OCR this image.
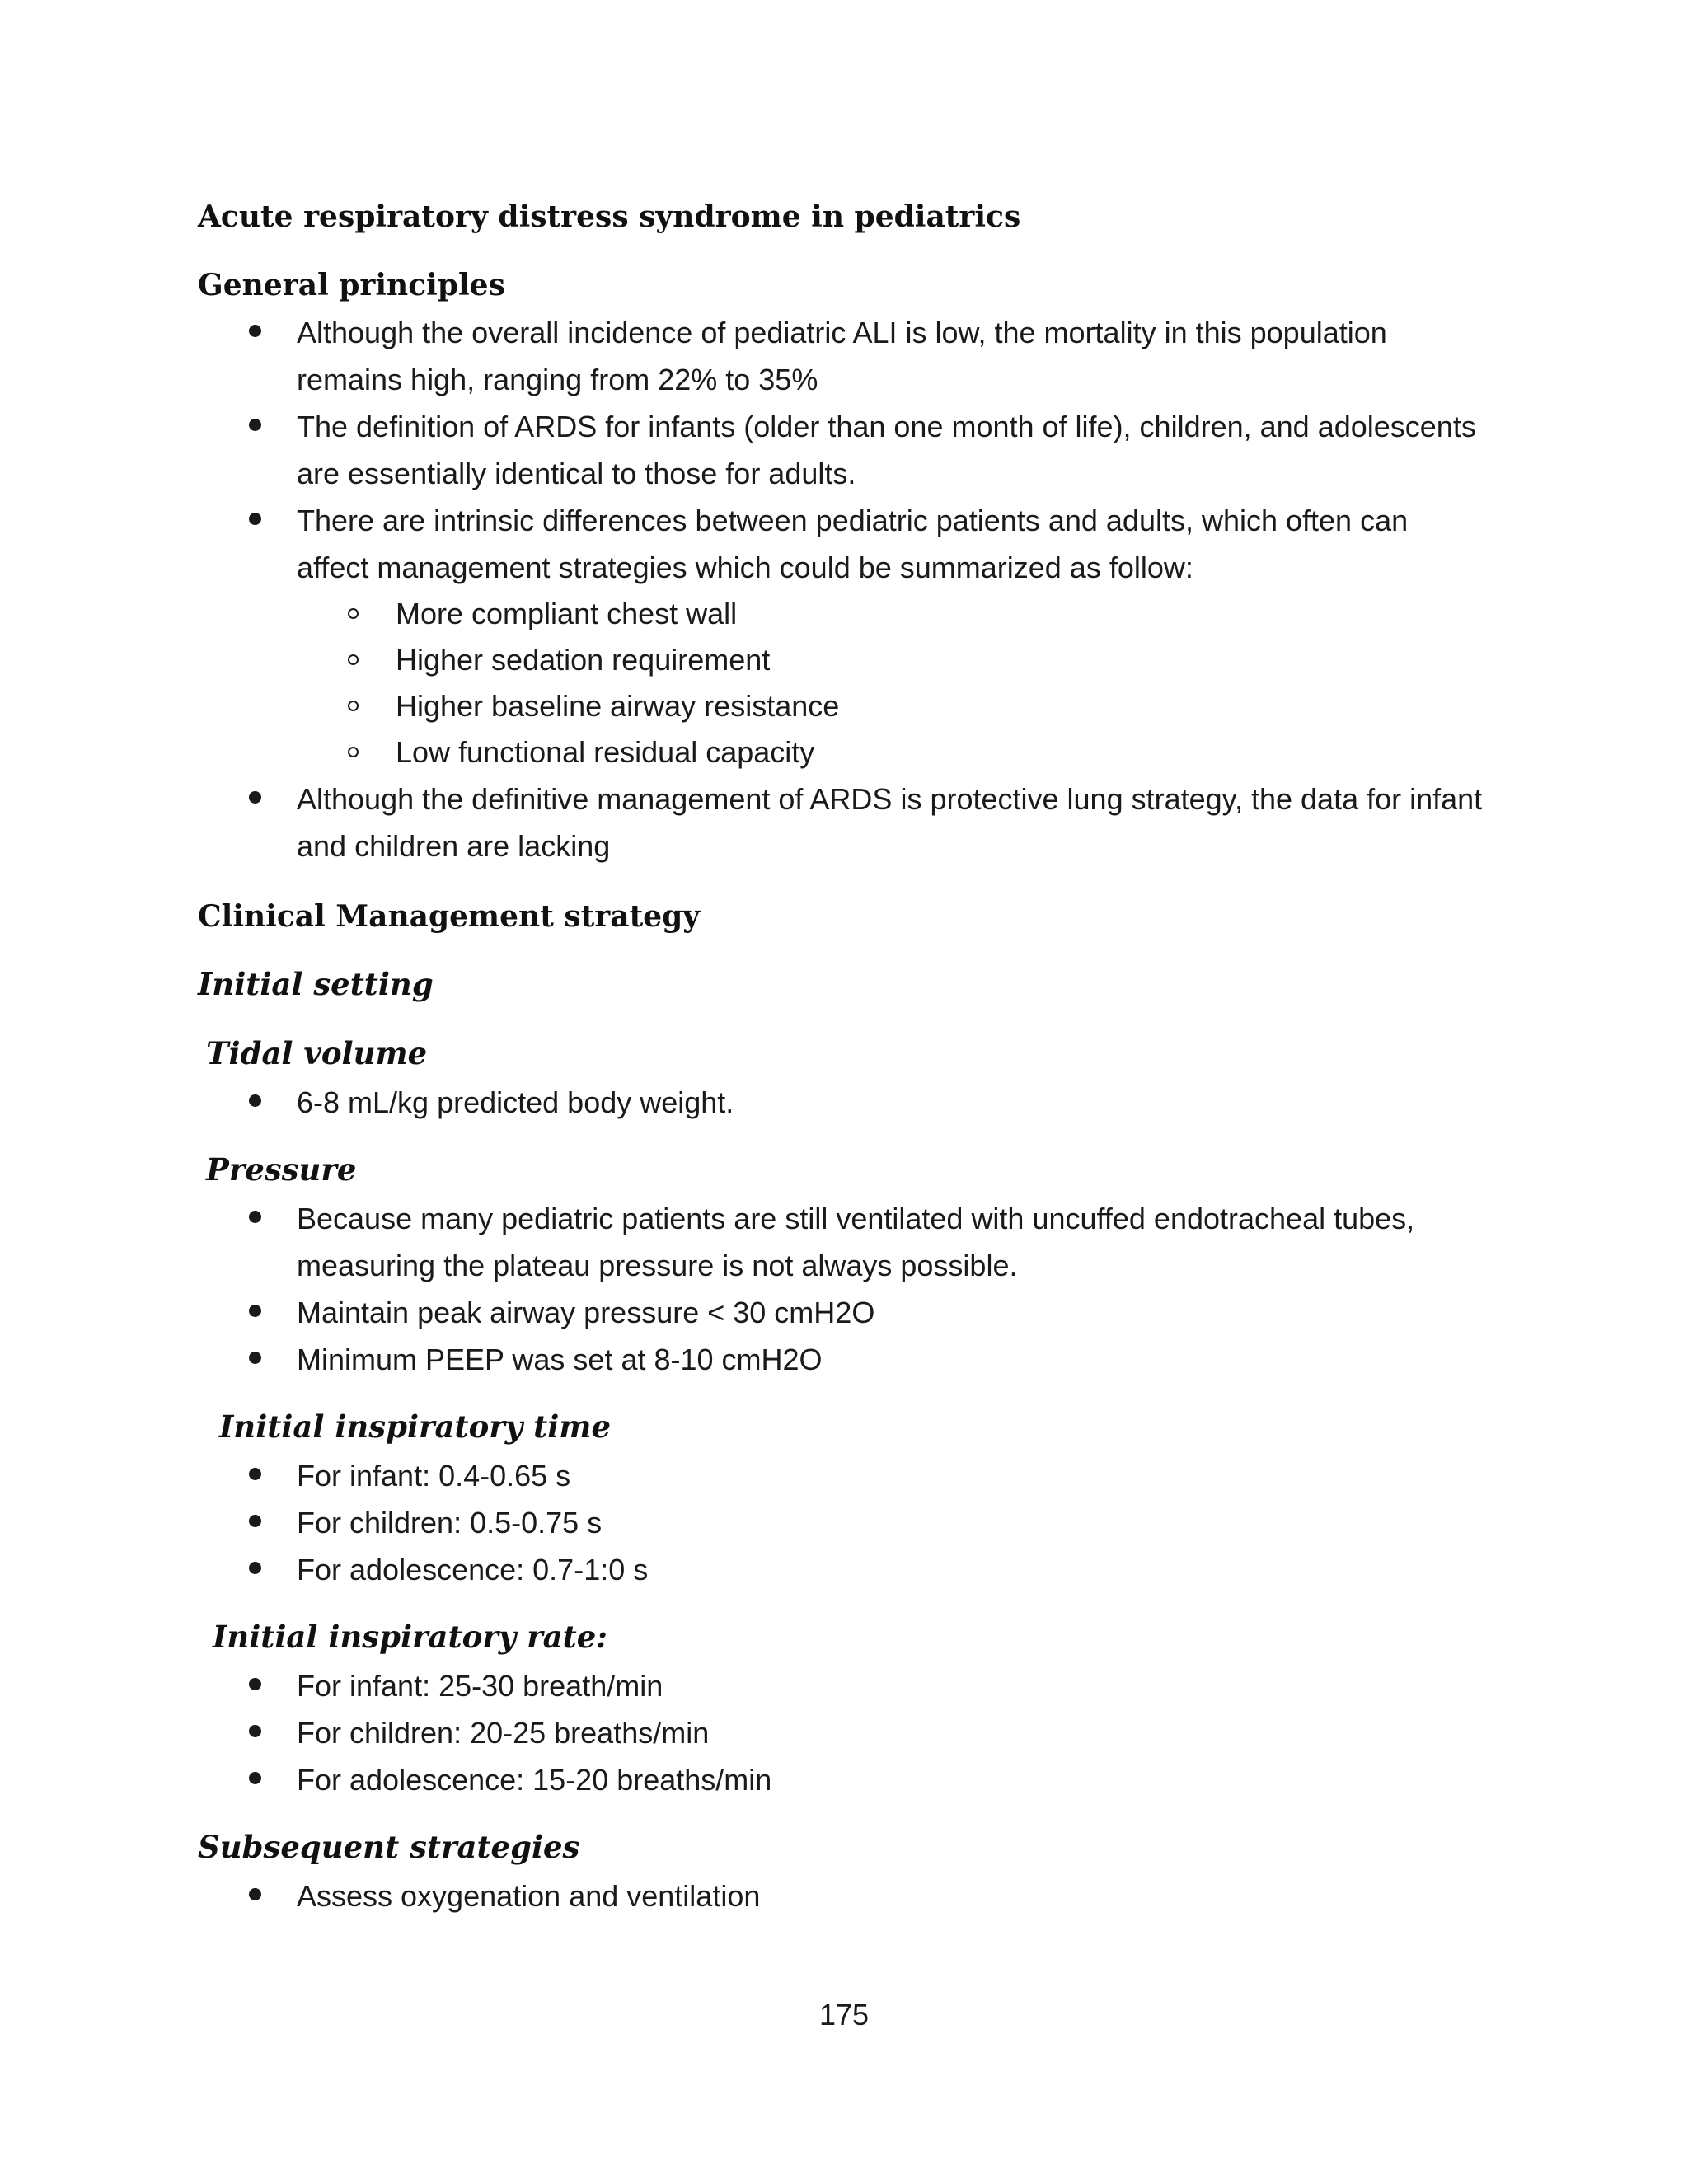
Acute respiratory distress syndrome in pediatrics
General principles
Although the overall incidence of pediatric ALI is low, the mortality in this population remains high, ranging from 22% to 35%
The definition of ARDS for infants (older than one month of life), children, and adolescents are essentially identical to those for adults.
There are intrinsic differences between pediatric patients and adults, which often can affect management strategies which could be summarized as follow:
More compliant chest wall
Higher sedation requirement
Higher baseline airway resistance
Low functional residual capacity
Although the definitive management of ARDS is protective lung strategy, the data for infant and children are lacking
Clinical Management strategy
Initial setting
Tidal volume
6-8 mL/kg predicted body weight.
Pressure
Because many pediatric patients are still ventilated with uncuffed endotracheal tubes, measuring the plateau pressure is not always possible.
Maintain peak airway pressure < 30 cmH2O
Minimum PEEP was set at 8-10 cmH2O
Initial inspiratory time
For infant: 0.4-0.65 s
For children: 0.5-0.75 s
For adolescence: 0.7-1:0 s
Initial inspiratory rate:
For infant: 25-30 breath/min
For children: 20-25 breaths/min
For adolescence: 15-20 breaths/min
Subsequent strategies
Assess oxygenation and ventilation
175
